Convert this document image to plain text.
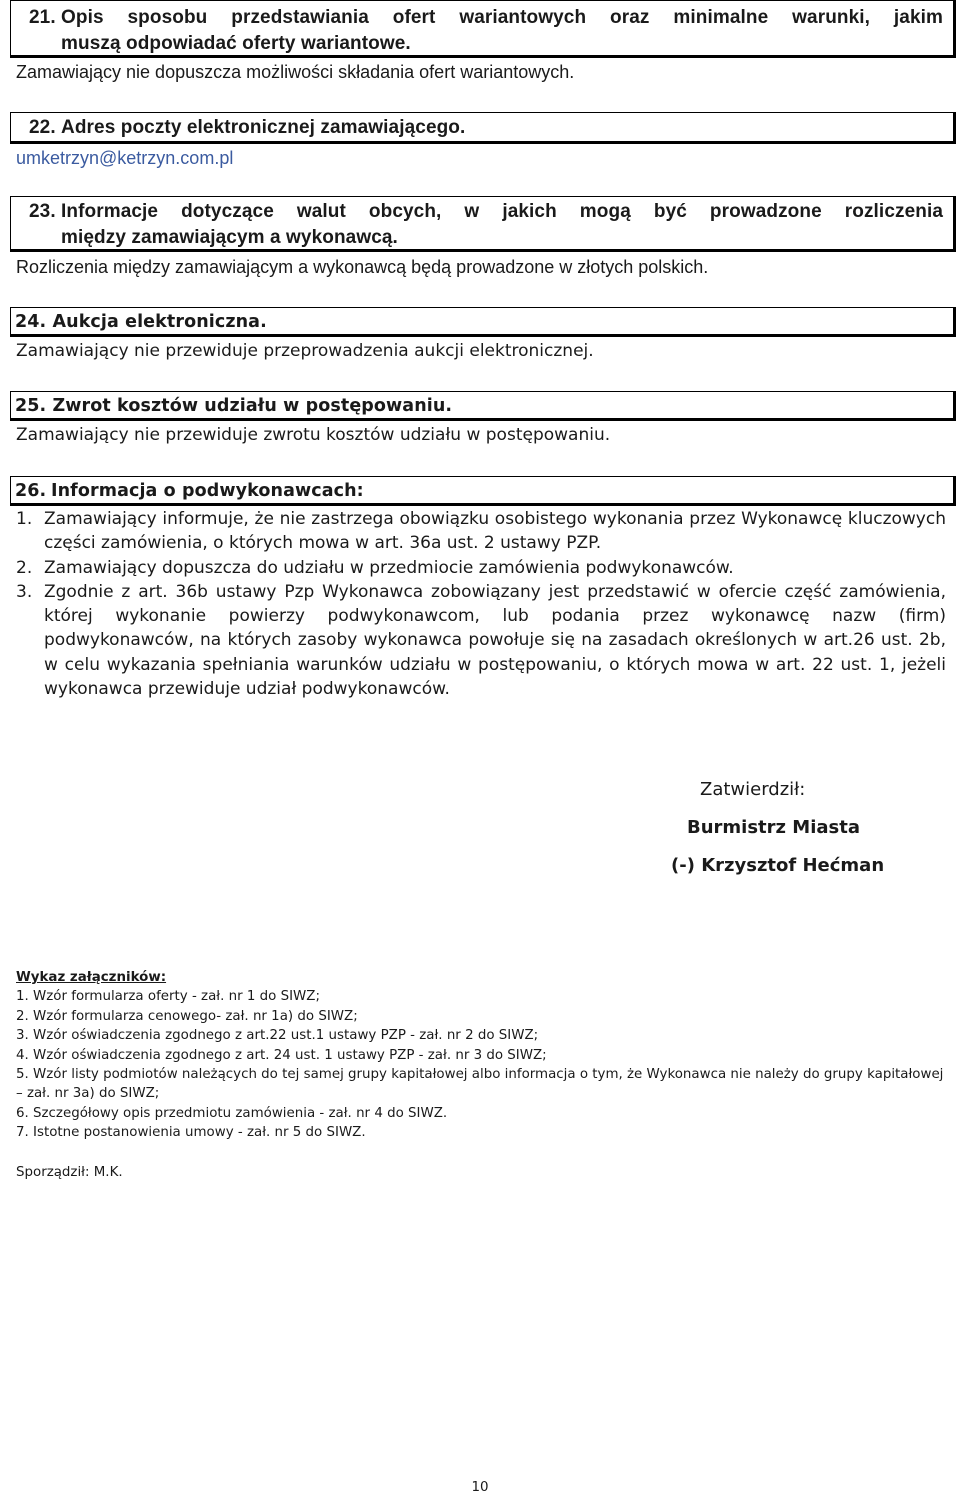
21. Opis sposobu przedstawiania ofert wariantowych oraz minimalne warunki, jakim
muszą odpowiadać oferty wariantowe.
Zamawiający nie dopuszcza możliwości składania ofert wariantowych.
22. Adres poczty elektronicznej zamawiającego.
umketrzyn@ketrzyn.com.pl
23. Informacje dotyczące walut obcych, w jakich mogą być prowadzone rozliczenia
między zamawiającym a wykonawcą.
Rozliczenia między zamawiającym a wykonawcą będą prowadzone w złotych polskich.
24. Aukcja elektroniczna.
Zamawiający nie przewiduje przeprowadzenia aukcji elektronicznej.
25. Zwrot kosztów udziału w postępowaniu.
Zamawiający nie przewiduje zwrotu kosztów udziału w postępowaniu.
26. Informacja o podwykonawcach:
1. Zamawiający informuje, że nie zastrzega obowiązku osobistego wykonania przez Wykonawcę kluczowych części zamówienia, o których mowa w art. 36a ust. 2 ustawy PZP.
2. Zamawiający dopuszcza do udziału w przedmiocie zamówienia podwykonawców.
3. Zgodnie z art. 36b ustawy Pzp Wykonawca zobowiązany jest przedstawić w ofercie część zamówienia, której wykonanie powierzy podwykonawcom, lub podania przez wykonawcę nazw (firm) podwykonawców, na których zasoby wykonawca powołuje się na zasadach określonych w art.26 ust. 2b, w celu wykazania spełniania warunków udziału w postępowaniu, o których mowa w art. 22 ust. 1, jeżeli wykonawca przewiduje udział podwykonawców.
Zatwierdził:
Burmistrz Miasta
(-) Krzysztof Hećman
Wykaz załączników:
1. Wzór formularza oferty - zał. nr 1 do SIWZ;
2. Wzór formularza cenowego- zał. nr 1a) do SIWZ;
3. Wzór oświadczenia zgodnego z art.22 ust.1 ustawy PZP - zał. nr 2 do SIWZ;
4. Wzór oświadczenia zgodnego z art. 24 ust. 1 ustawy PZP - zał. nr 3 do SIWZ;
5. Wzór listy podmiotów należących do tej samej grupy kapitałowej albo informacja o tym, że Wykonawca nie należy do grupy kapitałowej – zał. nr 3a) do SIWZ;
6. Szczegółowy opis przedmiotu zamówienia - zał. nr 4 do SIWZ.
7. Istotne postanowienia umowy - zał. nr 5 do SIWZ.
Sporządził: M.K.
10
